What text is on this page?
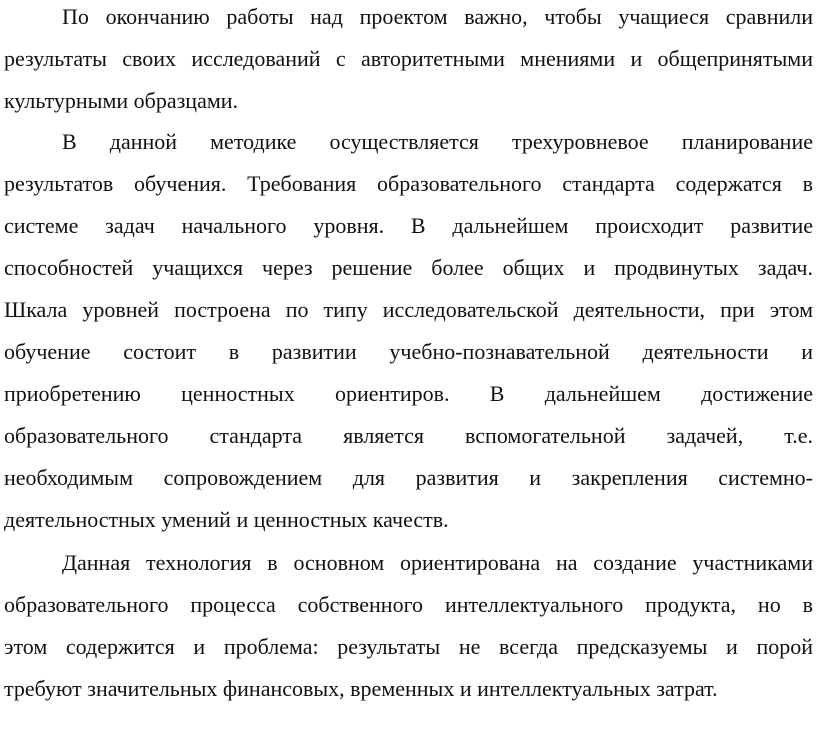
По окончанию работы над проектом важно, чтобы учащиеся сравнили
результаты своих исследований с авторитетными мнениями и общепринятыми
культурными образцами.

В данной методике осуществляется трехуровневое планирование
результатов обучения. Требования образовательного стандарта содержатся в
системе задач начального уровня. В дальнейшем происходит развитие
способностей учащихся через решение более общих и продвинутых задач.
Шкала уровней построена по типу исследовательской деятельности, при этом
обучение состоит в развитии учебно-познавательной деятельности и
приобретению ценностных ориентиров. В дальнейшем достижение
образовательного стандарта является вспомогательной задачей, т.е.
необходимым сопровождением для развития и закрепления системно-
деятельностных умений и ценностных качеств.

Данная технология в основном ориентирована на создание участниками
образовательного процесса собственного интеллектуального продукта, но в
этом содержится и проблема: результаты не всегда предсказуемы и порой
требуют значительных финансовых, временных и интеллектуальных затрат.
